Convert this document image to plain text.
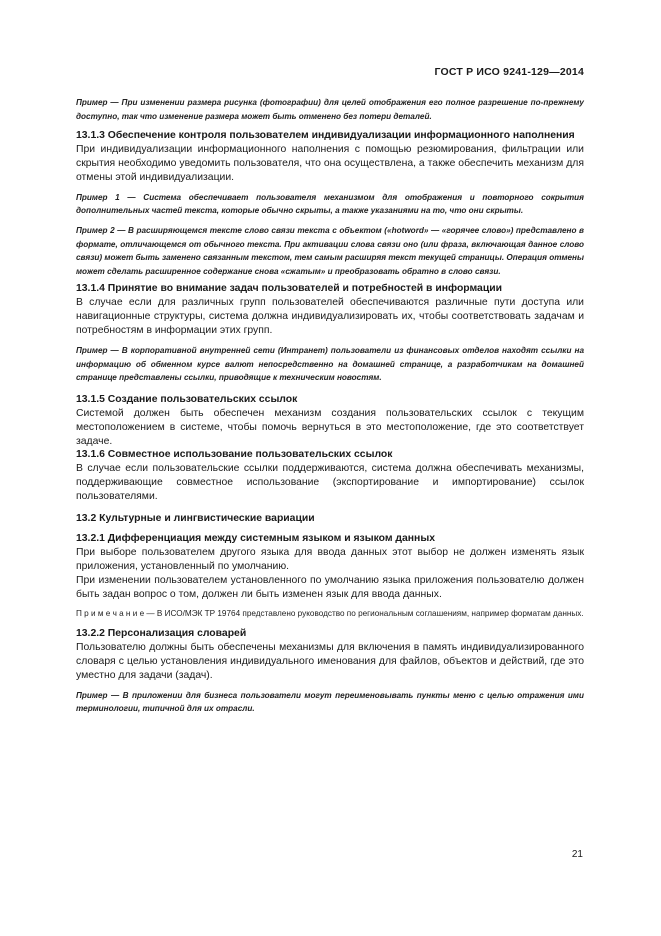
ГОСТ Р ИСО 9241-129—2014

Пример — При изменении размера рисунка (фотографии) для целей отображения его полное разрешение по-прежнему доступно, так что изменение размера может быть отменено без потери деталей.

13.1.3 Обеспечение контроля пользователем индивидуализации информационного наполнения

При индивидуализации информационного наполнения с помощью резюмирования, фильтрации или скрытия необходимо уведомить пользователя, что она осуществлена, а также обеспечить механизм для отмены этой индивидуализации.

Пример 1 — Система обеспечивает пользователя механизмом для отображения и повторного сокрытия дополнительных частей текста, которые обычно скрыты, а также указаниями на то, что они скрыты.

Пример 2 — В расширяющемся тексте слово связи текста с объектом («hotword» — «горячее слово») представлено в формате, отличающемся от обычного текста. При активации слова связи оно (или фраза, включающая данное слово связи) может быть заменено связанным текстом, тем самым расширяя текст текущей страницы. Операция отмены может сделать расширенное содержание снова «сжатым» и преобразовать обратно в слово связи.

13.1.4 Принятие во внимание задач пользователей и потребностей в информации

В случае если для различных групп пользователей обеспечиваются различные пути доступа или навигационные структуры, система должна индивидуализировать их, чтобы соответствовать задачам и потребностям в информации этих групп.

Пример — В корпоративной внутренней сети (Интранет) пользователи из финансовых отделов находят ссылки на информацию об обменном курсе валют непосредственно на домашней странице, а разработчикам на домашней странице представлены ссылки, приводящие к техническим новостям.

13.1.5 Создание пользовательских ссылок

Системой должен быть обеспечен механизм создания пользовательских ссылок с текущим местоположением в системе, чтобы помочь вернуться в это местоположение, где это соответствует задаче.

13.1.6 Совместное использование пользовательских ссылок

В случае если пользовательские ссылки поддерживаются, система должна обеспечивать механизмы, поддерживающие совместное использование (экспортирование и импортирование) ссылок пользователями.

13.2 Культурные и лингвистические вариации

13.2.1 Дифференциация между системным языком и языком данных

При выборе пользователем другого языка для ввода данных этот выбор не должен изменять язык приложения, установленный по умолчанию.

При изменении пользователем установленного по умолчанию языка приложения пользователю должен быть задан вопрос о том, должен ли быть изменен язык для ввода данных.

П р и м е ч а н и е — В ИСО/МЭК ТР 19764 представлено руководство по региональным соглашениям, например форматам данных.

13.2.2 Персонализация словарей

Пользователю должны быть обеспечены механизмы для включения в память индивидуализированного словаря с целью установления индивидуального именования для файлов, объектов и действий, где это уместно для задачи (задач).

Пример — В приложении для бизнеса пользователи могут переименовывать пункты меню с целью отражения ими терминологии, типичной для их отрасли.

21
